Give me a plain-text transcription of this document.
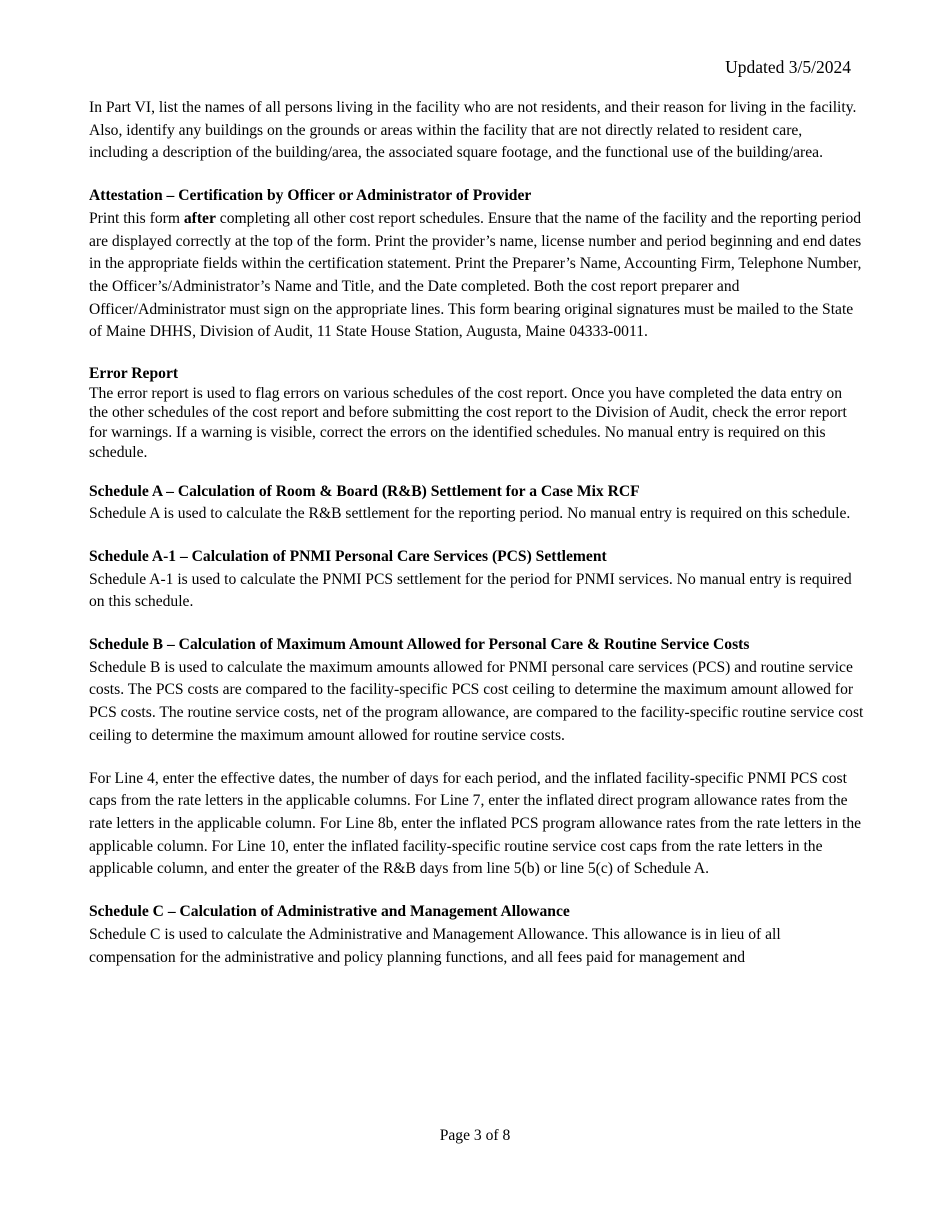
Updated 3/5/2024

In Part VI, list the names of all persons living in the facility who are not residents, and their reason for living in the facility. Also, identify any buildings on the grounds or areas within the facility that are not directly related to resident care, including a description of the building/area, the associated square footage, and the functional use of the building/area.

Attestation – Certification by Officer or Administrator of Provider

Print this form after completing all other cost report schedules. Ensure that the name of the facility and the reporting period are displayed correctly at the top of the form. Print the provider’s name, license number and period beginning and end dates in the appropriate fields within the certification statement. Print the Preparer’s Name, Accounting Firm, Telephone Number, the Officer’s/Administrator’s Name and Title, and the Date completed. Both the cost report preparer and Officer/Administrator must sign on the appropriate lines. This form bearing original signatures must be mailed to the State of Maine DHHS, Division of Audit, 11 State House Station, Augusta, Maine 04333-0011.

Error Report

The error report is used to flag errors on various schedules of the cost report. Once you have completed the data entry on the other schedules of the cost report and before submitting the cost report to the Division of Audit, check the error report for warnings. If a warning is visible, correct the errors on the identified schedules. No manual entry is required on this schedule.

Schedule A – Calculation of Room & Board (R&B) Settlement for a Case Mix RCF

Schedule A is used to calculate the R&B settlement for the reporting period. No manual entry is required on this schedule.

Schedule A-1 – Calculation of PNMI Personal Care Services (PCS) Settlement

Schedule A-1 is used to calculate the PNMI PCS settlement for the period for PNMI services. No manual entry is required on this schedule.

Schedule B – Calculation of Maximum Amount Allowed for Personal Care & Routine Service Costs

Schedule B is used to calculate the maximum amounts allowed for PNMI personal care services (PCS) and routine service costs. The PCS costs are compared to the facility-specific PCS cost ceiling to determine the maximum amount allowed for PCS costs. The routine service costs, net of the program allowance, are compared to the facility-specific routine service cost ceiling to determine the maximum amount allowed for routine service costs.

For Line 4, enter the effective dates, the number of days for each period, and the inflated facility-specific PNMI PCS cost caps from the rate letters in the applicable columns. For Line 7, enter the inflated direct program allowance rates from the rate letters in the applicable column. For Line 8b, enter the inflated PCS program allowance rates from the rate letters in the applicable column. For Line 10, enter the inflated facility-specific routine service cost caps from the rate letters in the applicable column, and enter the greater of the R&B days from line 5(b) or line 5(c) of Schedule A.

Schedule C – Calculation of Administrative and Management Allowance

Schedule C is used to calculate the Administrative and Management Allowance. This allowance is in lieu of all compensation for the administrative and policy planning functions, and all fees paid for management and

Page 3 of 8
